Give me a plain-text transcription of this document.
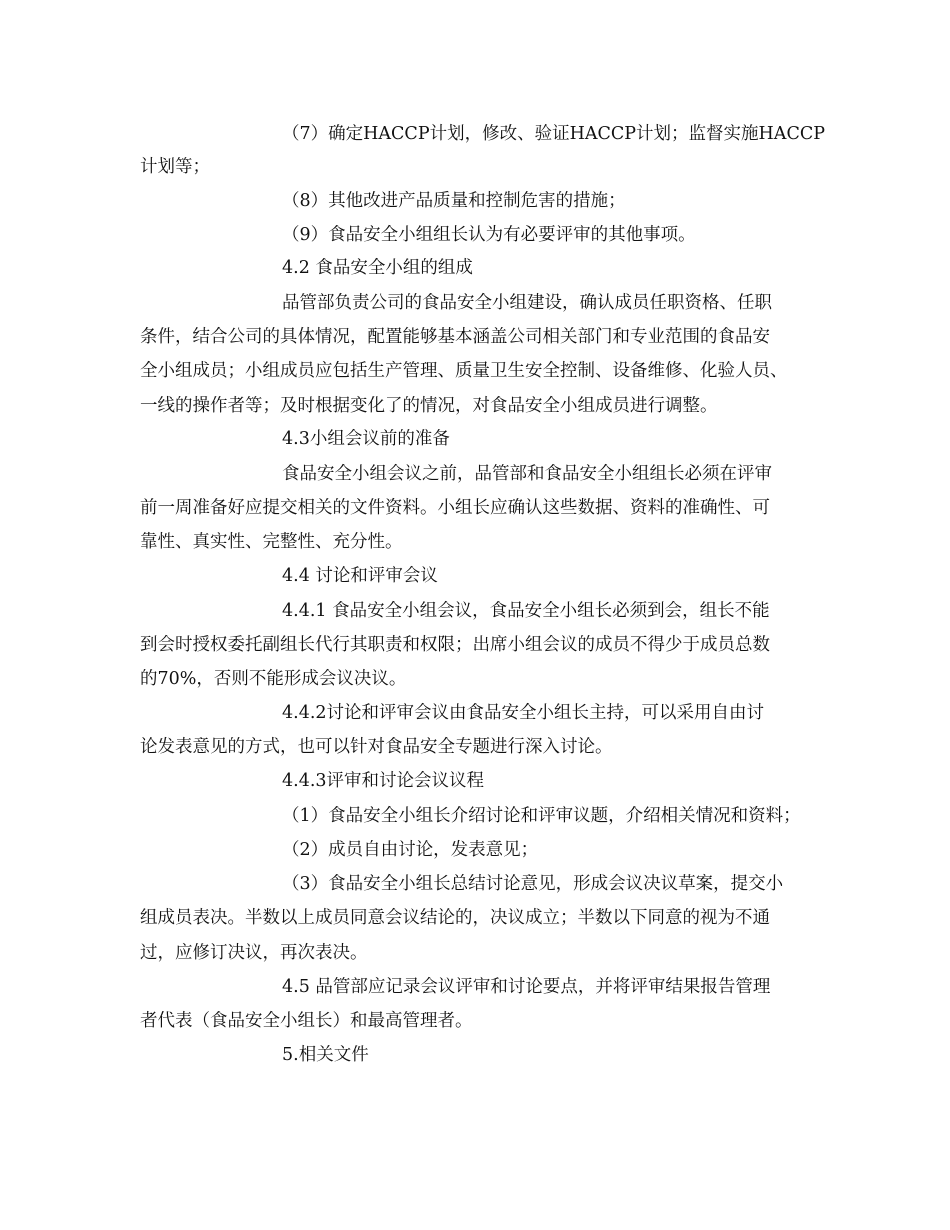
（7）确定HACCP计划，修改、验证HACCP计划；监督实施HACCP
计划等；
（8）其他改进产品质量和控制危害的措施；
（9）食品安全小组组长认为有必要评审的其他事项。
4.2 食品安全小组的组成
品管部负责公司的食品安全小组建设，确认成员任职资格、任职
条件，结合公司的具体情况，配置能够基本涵盖公司相关部门和专业范围的食品安
全小组成员；小组成员应包括生产管理、质量卫生安全控制、设备维修、化验人员、
一线的操作者等；及时根据变化了的情况，对食品安全小组成员进行调整。
4.3小组会议前的准备
食品安全小组会议之前，品管部和食品安全小组组长必须在评审
前一周准备好应提交相关的文件资料。小组长应确认这些数据、资料的准确性、可
靠性、真实性、完整性、充分性。
4.4 讨论和评审会议
4.4.1 食品安全小组会议，食品安全小组长必须到会，组长不能
到会时授权委托副组长代行其职责和权限；出席小组会议的成员不得少于成员总数
的70%，否则不能形成会议决议。
4.4.2讨论和评审会议由食品安全小组长主持，可以采用自由讨
论发表意见的方式，也可以针对食品安全专题进行深入讨论。
4.4.3评审和讨论会议议程
（1）食品安全小组长介绍讨论和评审议题，介绍相关情况和资料；
（2）成员自由讨论，发表意见；
（3）食品安全小组长总结讨论意见，形成会议决议草案，提交小
组成员表决。半数以上成员同意会议结论的，决议成立；半数以下同意的视为不通
过，应修订决议，再次表决。
4.5 品管部应记录会议评审和讨论要点，并将评审结果报告管理
者代表（食品安全小组长）和最高管理者。
5.相关文件
